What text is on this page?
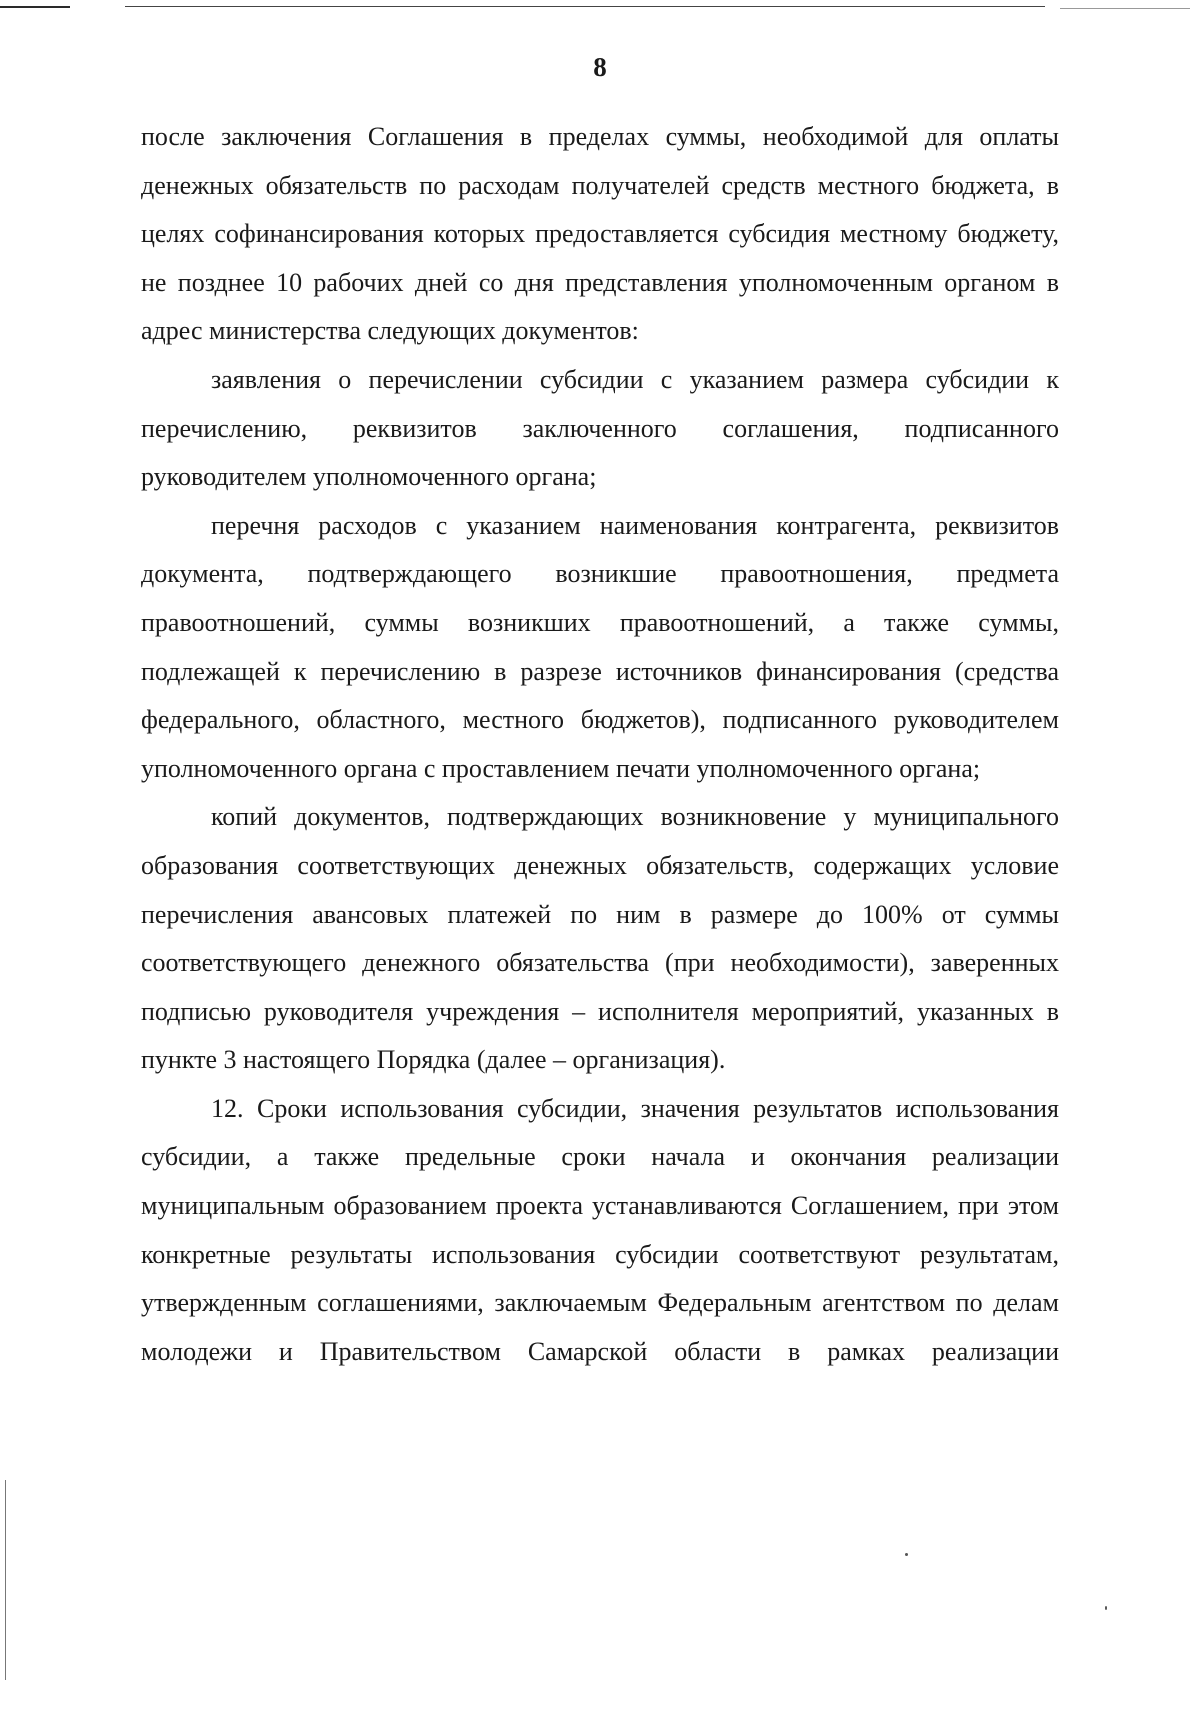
8

после заключения Соглашения в пределах суммы, необходимой для оплаты денежных обязательств по расходам получателей средств местного бюджета, в целях софинансирования которых предоставляется субсидия местному бюджету, не позднее 10 рабочих дней со дня представления уполномоченным органом в адрес министерства следующих документов:

заявления о перечислении субсидии с указанием размера субсидии к перечислению, реквизитов заключенного соглашения, подписанного руководителем уполномоченного органа;

перечня расходов с указанием наименования контрагента, реквизитов документа, подтверждающего возникшие правоотношения, предмета правоотношений, суммы возникших правоотношений, а также суммы, подлежащей к перечислению в разрезе источников финансирования (средства федерального, областного, местного бюджетов), подписанного руководителем уполномоченного органа с проставлением печати уполномоченного органа;

копий документов, подтверждающих возникновение у муниципального образования соответствующих денежных обязательств, содержащих условие перечисления авансовых платежей по ним в размере до 100% от суммы соответствующего денежного обязательства (при необходимости), заверенных подписью руководителя учреждения – исполнителя мероприятий, указанных в пункте 3 настоящего Порядка (далее – организация).

12. Сроки использования субсидии, значения результатов использования субсидии, а также предельные сроки начала и окончания реализации муниципальным образованием проекта устанавливаются Соглашением, при этом конкретные результаты использования субсидии соответствуют результатам, утвержденным соглашениями, заключаемым Федеральным агентством по делам молодежи и Правительством Самарской области в рамках реализации
